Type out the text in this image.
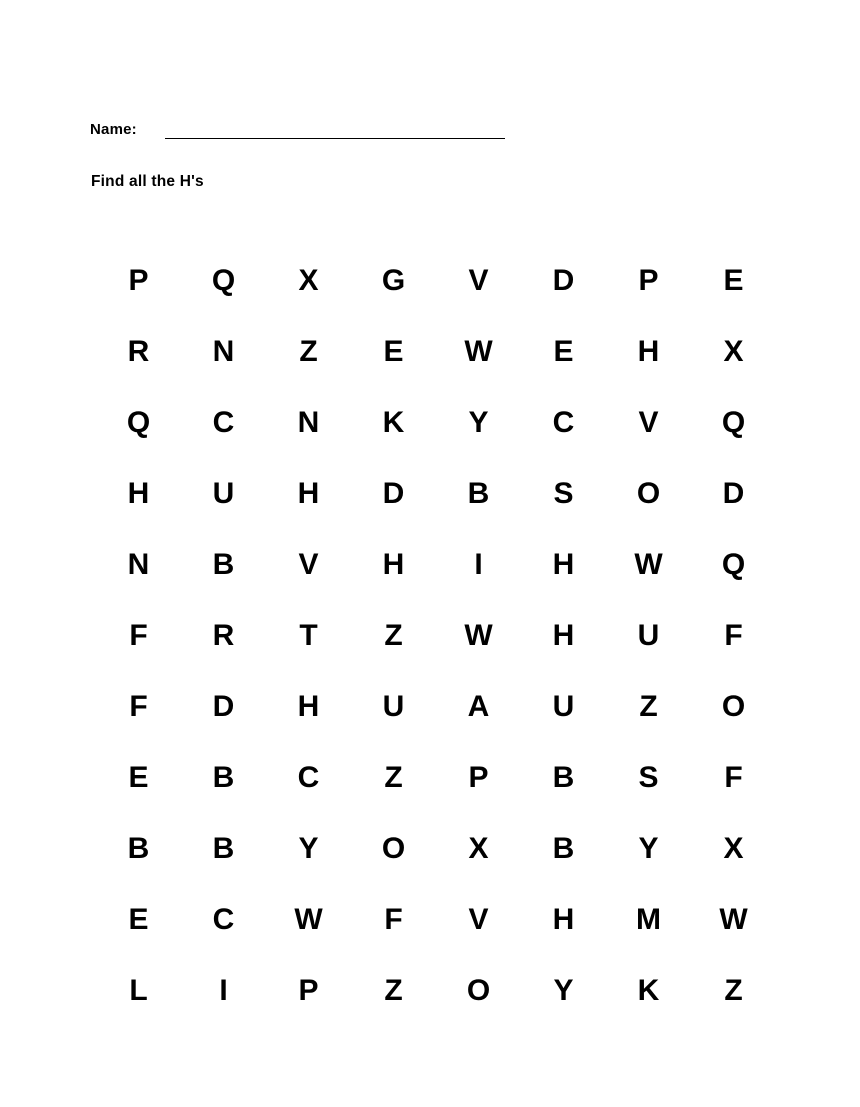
Name:
Find all the H's
P	Q	X	G	V	D	P	E
R	N	Z	E	W	E	H	X
Q	C	N	K	Y	C	V	Q
H	U	H	D	B	S	O	D
N	B	V	H	I	H	W	Q
F	R	T	Z	W	H	U	F
F	D	H	U	A	U	Z	O
E	B	C	Z	P	B	S	F
B	B	Y	O	X	B	Y	X
E	C	W	F	V	H	M	W
L	I	P	Z	O	Y	K	Z
